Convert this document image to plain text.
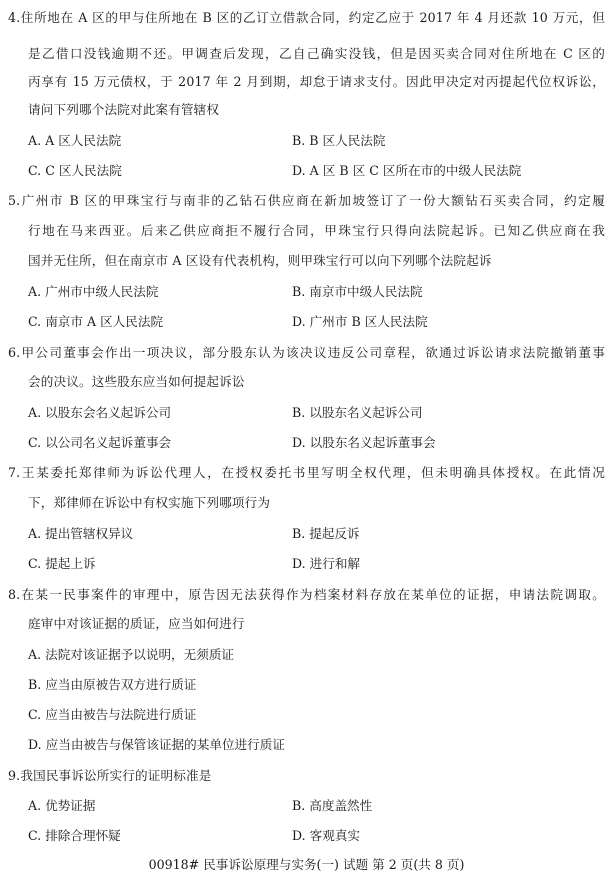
4.住所地在 A 区的甲与住所地在 B 区的乙订立借款合同，约定乙应于 2017 年 4 月还款 10 万元，但
是乙借口没钱逾期不还。甲调查后发现，乙自己确实没钱，但是因买卖合同对住所地在 C 区的
丙享有 15 万元债权，于 2017 年 2 月到期，却怠于请求支付。因此甲决定对丙提起代位权诉讼，
请问下列哪个法院对此案有管辖权
A. A 区人民法院	B. B 区人民法院
C. C 区人民法院	D. A 区 B 区 C 区所在市的中级人民法院
5.广州市 B 区的甲珠宝行与南非的乙钻石供应商在新加坡签订了一份大额钻石买卖合同，约定履
行地在马来西亚。后来乙供应商拒不履行合同，甲珠宝行只得向法院起诉。已知乙供应商在我
国并无住所，但在南京市 A 区设有代表机构，则甲珠宝行可以向下列哪个法院起诉
A. 广州市中级人民法院	B. 南京市中级人民法院
C. 南京市 A 区人民法院	D. 广州市 B 区人民法院
6.甲公司董事会作出一项决议，部分股东认为该决议违反公司章程，欲通过诉讼请求法院撤销董事
会的决议。这些股东应当如何提起诉讼
A. 以股东会名义起诉公司	B. 以股东名义起诉公司
C. 以公司名义起诉董事会	D. 以股东名义起诉董事会
7.王某委托郑律师为诉讼代理人，在授权委托书里写明全权代理，但未明确具体授权。在此情况
下，郑律师在诉讼中有权实施下列哪项行为
A. 提出管辖权异议	B. 提起反诉
C. 提起上诉	D. 进行和解
8.在某一民事案件的审理中，原告因无法获得作为档案材料存放在某单位的证据，申请法院调取。
庭审中对该证据的质证，应当如何进行
A. 法院对该证据予以说明，无须质证
B. 应当由原被告双方进行质证
C. 应当由被告与法院进行质证
D. 应当由被告与保管该证据的某单位进行质证
9.我国民事诉讼所实行的证明标准是
A. 优势证据	B. 高度盖然性
C. 排除合理怀疑	D. 客观真实
00918# 民事诉讼原理与实务(一) 试题 第 2 页(共 8 页)
